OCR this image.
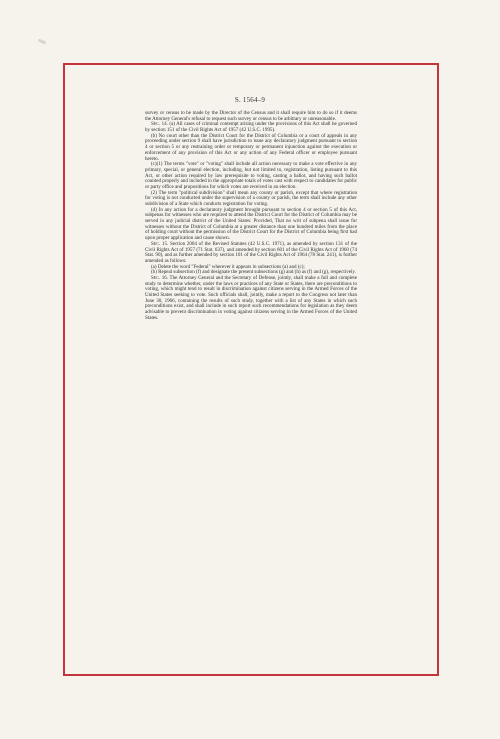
S. 1564–9

survey or census to be made by the Director of the Census and it shall require him to do so if it deems the Attorney General's refusal to request such survey or census to be arbitrary or unreasonable.

Sec. 14. (a) All cases of criminal contempt arising under the provisions of this Act shall be governed by section 151 of the Civil Rights Act of 1957 (42 U.S.C. 1995).

(b) No court other than the District Court for the District of Columbia or a court of appeals in any proceeding under section 9 shall have jurisdiction to issue any declaratory judgment pursuant to section 4 or section 5 or any restraining order or temporary or permanent injunction against the execution or enforcement of any provision of this Act or any action of any Federal officer or employee pursuant hereto.

(c)(1) The terms "vote" or "voting" shall include all action necessary to make a vote effective in any primary, special, or general election, including, but not limited to, registration, listing pursuant to this Act, or other action required by law prerequisite to voting, casting a ballot, and having such ballot counted properly and included in the appropriate totals of votes cast with respect to candidates for public or party office and propositions for which votes are received in an election.

(2) The term "political subdivision" shall mean any county or parish, except that where registration for voting is not conducted under the supervision of a county or parish, the term shall include any other subdivision of a State which conducts registration for voting.

(d) In any action for a declaratory judgment brought pursuant to section 4 or section 5 of this Act, subpenas for witnesses who are required to attend the District Court for the District of Columbia may be served in any judicial district of the United States: Provided, That no writ of subpena shall issue for witnesses without the District of Columbia at a greater distance than one hundred miles from the place of holding court without the permission of the District Court for the District of Columbia being first had upon proper application and cause shown.

Sec. 15. Section 2004 of the Revised Statutes (42 U.S.C. 1971), as amended by section 131 of the Civil Rights Act of 1957 (71 Stat. 637), and amended by section 601 of the Civil Rights Act of 1960 (74 Stat. 90), and as further amended by section 101 of the Civil Rights Act of 1964 (78 Stat. 241), is further amended as follows:

(a) Delete the word "Federal" wherever it appears in subsections (a) and (c);

(b) Repeal subsection (f) and designate the present subsections (g) and (h) as (f) and (g), respectively.

Sec. 16. The Attorney General and the Secretary of Defense, jointly, shall make a full and complete study to determine whether, under the laws or practices of any State or States, there are preconditions to voting, which might tend to result in discrimination against citizens serving in the Armed Forces of the United States seeking to vote. Such officials shall, jointly, make a report to the Congress not later than June 30, 1966, containing the results of such study, together with a list of any States in which such preconditions exist, and shall include in such report such recommendations for legislation as they deem advisable to prevent discrimination in voting against citizens serving in the Armed Forces of the United States.
